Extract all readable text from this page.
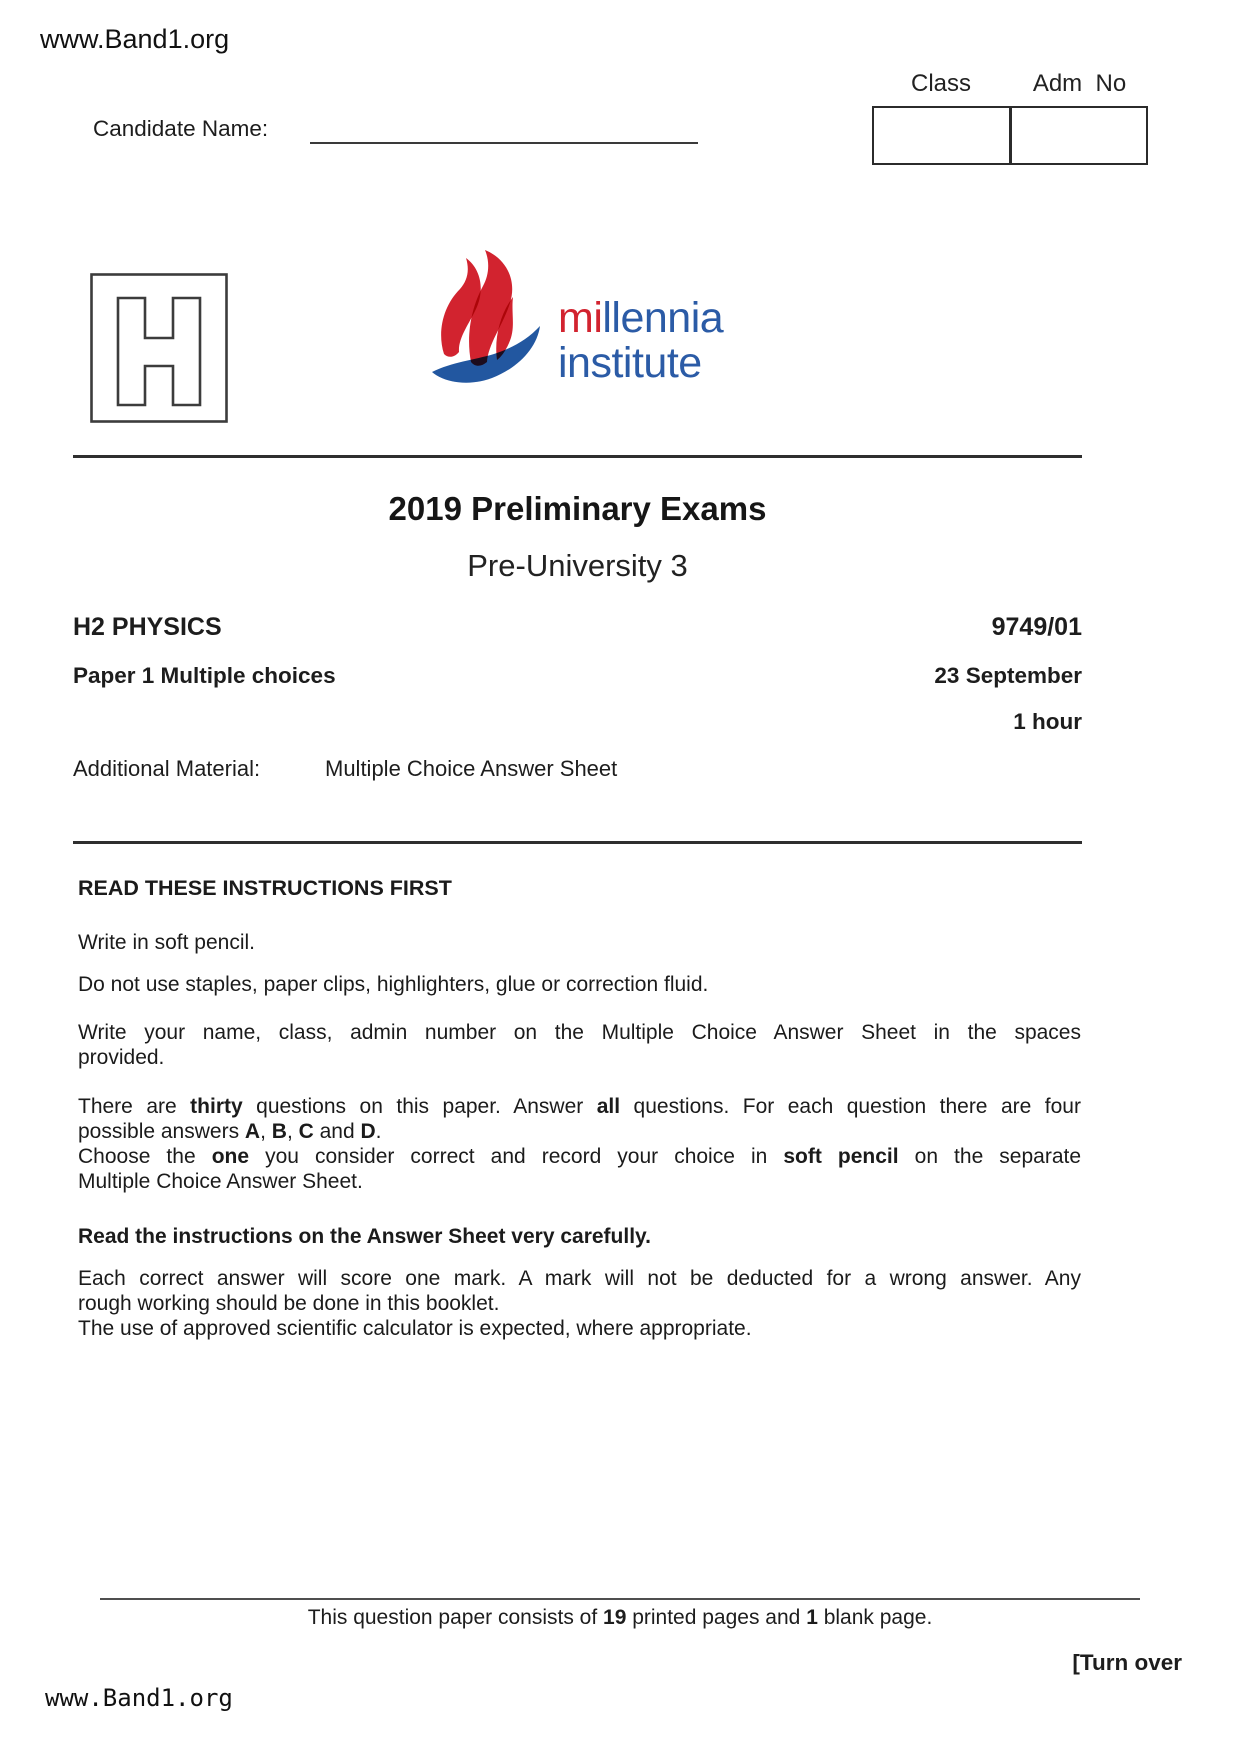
www.Band1.org
Candidate Name:
Class	Adm  No
millennia
institute
2019 Preliminary Exams
Pre-University 3
H2 PHYSICS	9749/01
Paper 1 Multiple choices	23 September
1 hour
Additional Material:	Multiple Choice Answer Sheet
READ THESE INSTRUCTIONS FIRST
Write in soft pencil.
Do not use staples, paper clips, highlighters, glue or correction fluid.
Write your name, class, admin number on the Multiple Choice Answer Sheet in the spaces
provided.
There are thirty questions on this paper. Answer all questions. For each question there are four
possible answers A, B, C and D.
Choose the one you consider correct and record your choice in soft pencil on the separate
Multiple Choice Answer Sheet.
Read the instructions on the Answer Sheet very carefully.
Each correct answer will score one mark. A mark will not be deducted for a wrong answer. Any
rough working should be done in this booklet.
The use of approved scientific calculator is expected, where appropriate.
This question paper consists of 19 printed pages and 1 blank page.
[Turn over
www.Band1.org
